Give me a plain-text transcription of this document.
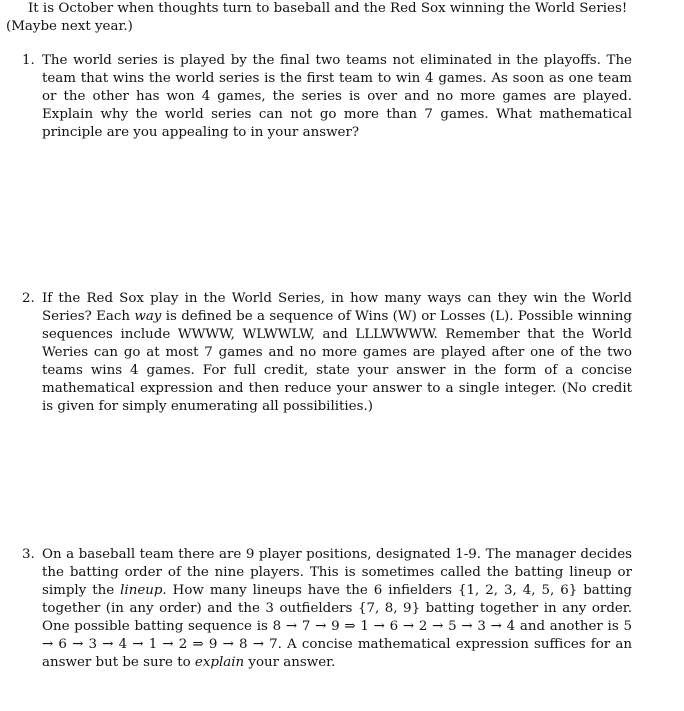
It is October when thoughts turn to baseball and the Red Sox winning the World Series! (Maybe next year.)

1. The world series is played by the final two teams not eliminated in the playoffs. The team that wins the world series is the first team to win 4 games. As soon as one team or the other has won 4 games, the series is over and no more games are played. Explain why the world series can not go more than 7 games. What mathematical principle are you appealing to in your answer?
2. If the Red Sox play in the World Series, in how many ways can they win the World Series? Each way is defined be a sequence of Wins (W) or Losses (L). Possible winning sequences include WWWW, WLWWLW, and LLLWWWW. Remember that the World Weries can go at most 7 games and no more games are played after one of the two teams wins 4 games. For full credit, state your answer in the form of a concise mathematical expression and then reduce your answer to a single integer. (No credit is given for simply enumerating all possibilities.)
3. On a baseball team there are 9 player positions, designated 1-9. The manager decides the batting order of the nine players. This is sometimes called the batting lineup or simply the lineup. How many lineups have the 6 infielders {1, 2, 3, 4, 5, 6} batting together (in any order) and the 3 outfielders {7, 8, 9} batting together in any order. One possible batting sequence is 8 → 7 → 9 ⇒ 1 → 6 → 2 → 5 → 3 → 4 and another is 5 → 6 → 3 → 4 → 1 → 2 ⇒ 9 → 8 → 7. A concise mathematical expression suffices for an answer but be sure to explain your answer.
